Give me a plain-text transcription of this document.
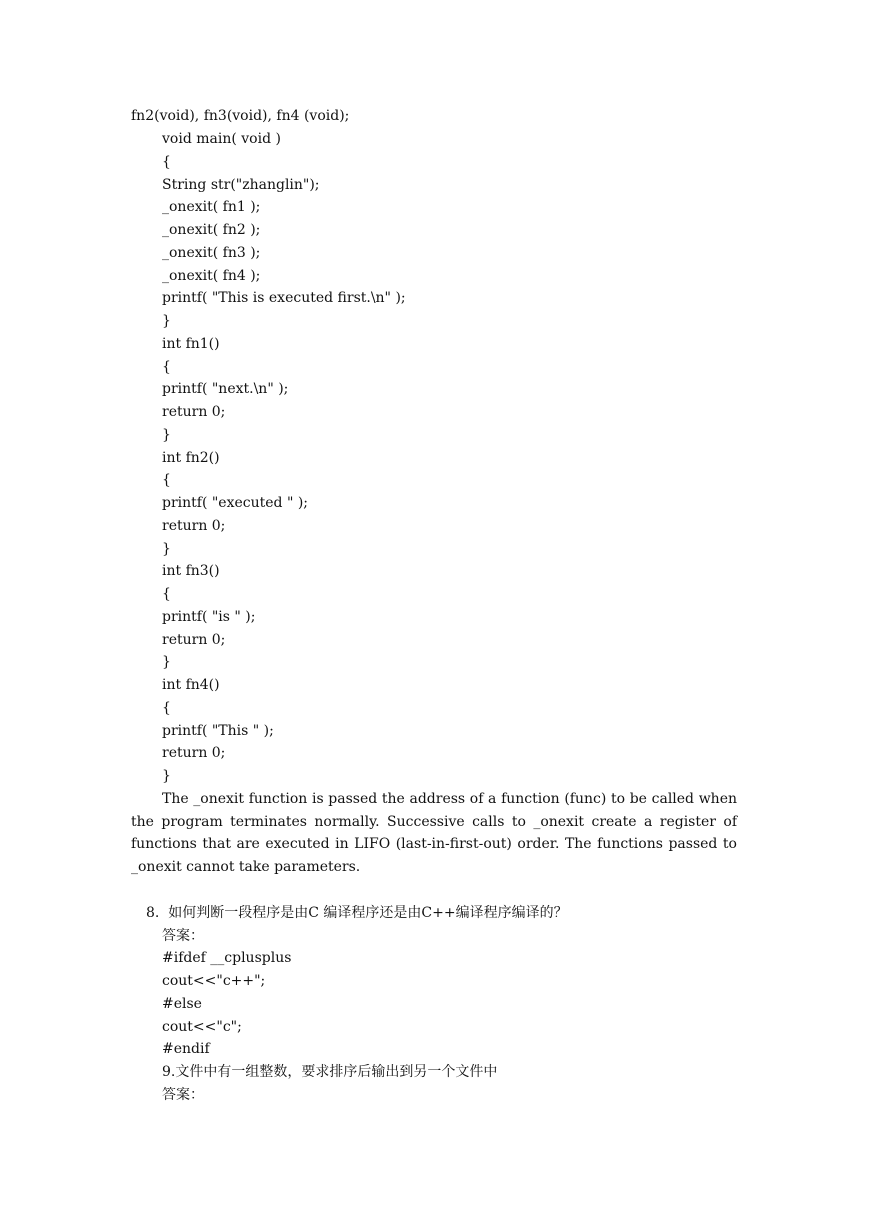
fn2(void), fn3(void), fn4 (void);
void main( void )
{
String str("zhanglin");
_onexit( fn1 );
_onexit( fn2 );
_onexit( fn3 );
_onexit( fn4 );
printf( "This is executed first.\n" );
}
int fn1()
{
printf( "next.\n" );
return 0;
}
int fn2()
{
printf( "executed " );
return 0;
}
int fn3()
{
printf( "is " );
return 0;
}
int fn4()
{
printf( "This " );
return 0;
}
The _onexit function is passed the address of a function (func) to be called when the program terminates normally. Successive calls to _onexit create a register of functions that are executed in LIFO (last-in-first-out) order. The functions passed to _onexit cannot take parameters.
8.  如何判断一段程序是由C 编译程序还是由C++编译程序编译的？
答案：
#ifdef __cplusplus
cout<<"c++";
#else
cout<<"c";
#endif
9.文件中有一组整数，要求排序后输出到另一个文件中
答案：
